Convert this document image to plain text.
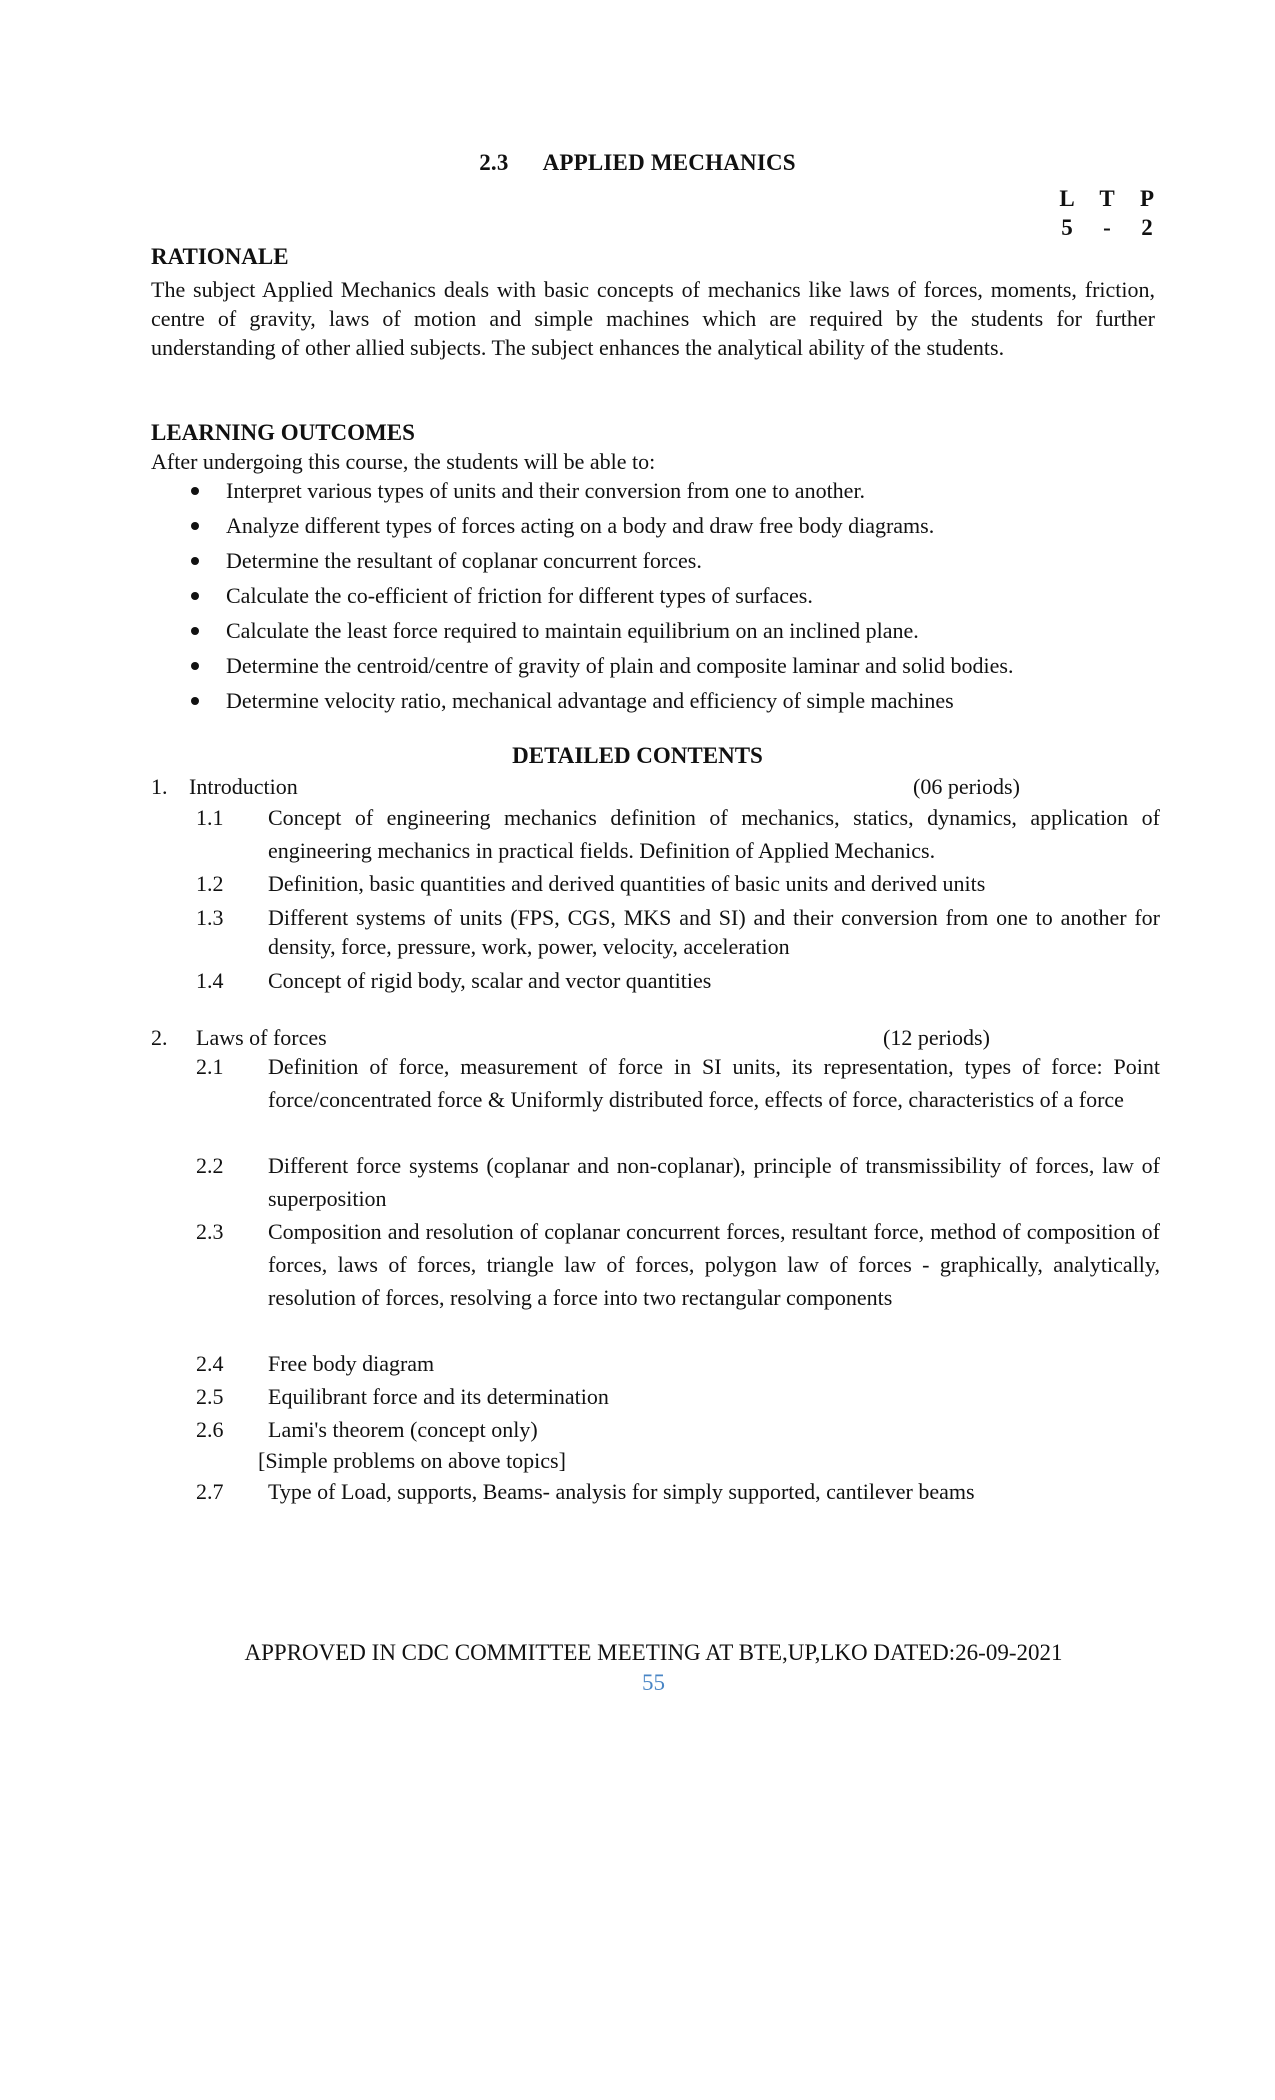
2.3 APPLIED MECHANICS
L	T	P
5	-	2
RATIONALE
The subject Applied Mechanics deals with basic concepts of mechanics like laws of forces, moments, friction, centre of gravity, laws of motion and simple machines which are required by the students for further understanding of other allied subjects. The subject enhances the analytical ability of the students.
LEARNING OUTCOMES
After undergoing this course, the students will be able to:
Interpret various types of units and their conversion from one to another.
Analyze different types of forces acting on a body and draw free body diagrams.
Determine the resultant of coplanar concurrent forces.
Calculate the co-efficient of friction for different types of surfaces.
Calculate the least force required to maintain equilibrium on an inclined plane.
Determine the centroid/centre of gravity of plain and composite laminar and solid bodies.
Determine velocity ratio, mechanical advantage and efficiency of simple machines
DETAILED CONTENTS
1. Introduction	(06 periods)
1.1	Concept of engineering mechanics definition of mechanics, statics, dynamics, application of engineering mechanics in practical fields. Definition of Applied Mechanics.
1.2	Definition, basic quantities and derived quantities of basic units and derived units
1.3	Different systems of units (FPS, CGS, MKS and SI) and their conversion from one to another for density, force, pressure, work, power, velocity, acceleration
1.4	Concept of rigid body, scalar and vector quantities
2. Laws of forces	(12 periods)
2.1	Definition of force, measurement of force in SI units, its representation, types of force: Point force/concentrated force & Uniformly distributed force, effects of force, characteristics of a force
2.2	Different force systems (coplanar and non-coplanar), principle of transmissibility of forces, law of superposition
2.3	Composition and resolution of coplanar concurrent forces, resultant force, method of composition of forces, laws of forces, triangle law of forces, polygon law of forces - graphically, analytically, resolution of forces, resolving a force into two rectangular components
2.4	Free body diagram
2.5	Equilibrant force and its determination
2.6	Lami's theorem (concept only)
[Simple problems on above topics]
2.7	Type of Load, supports, Beams- analysis for simply supported, cantilever beams
APPROVED IN CDC COMMITTEE MEETING AT BTE,UP,LKO DATED:26-09-2021
55
